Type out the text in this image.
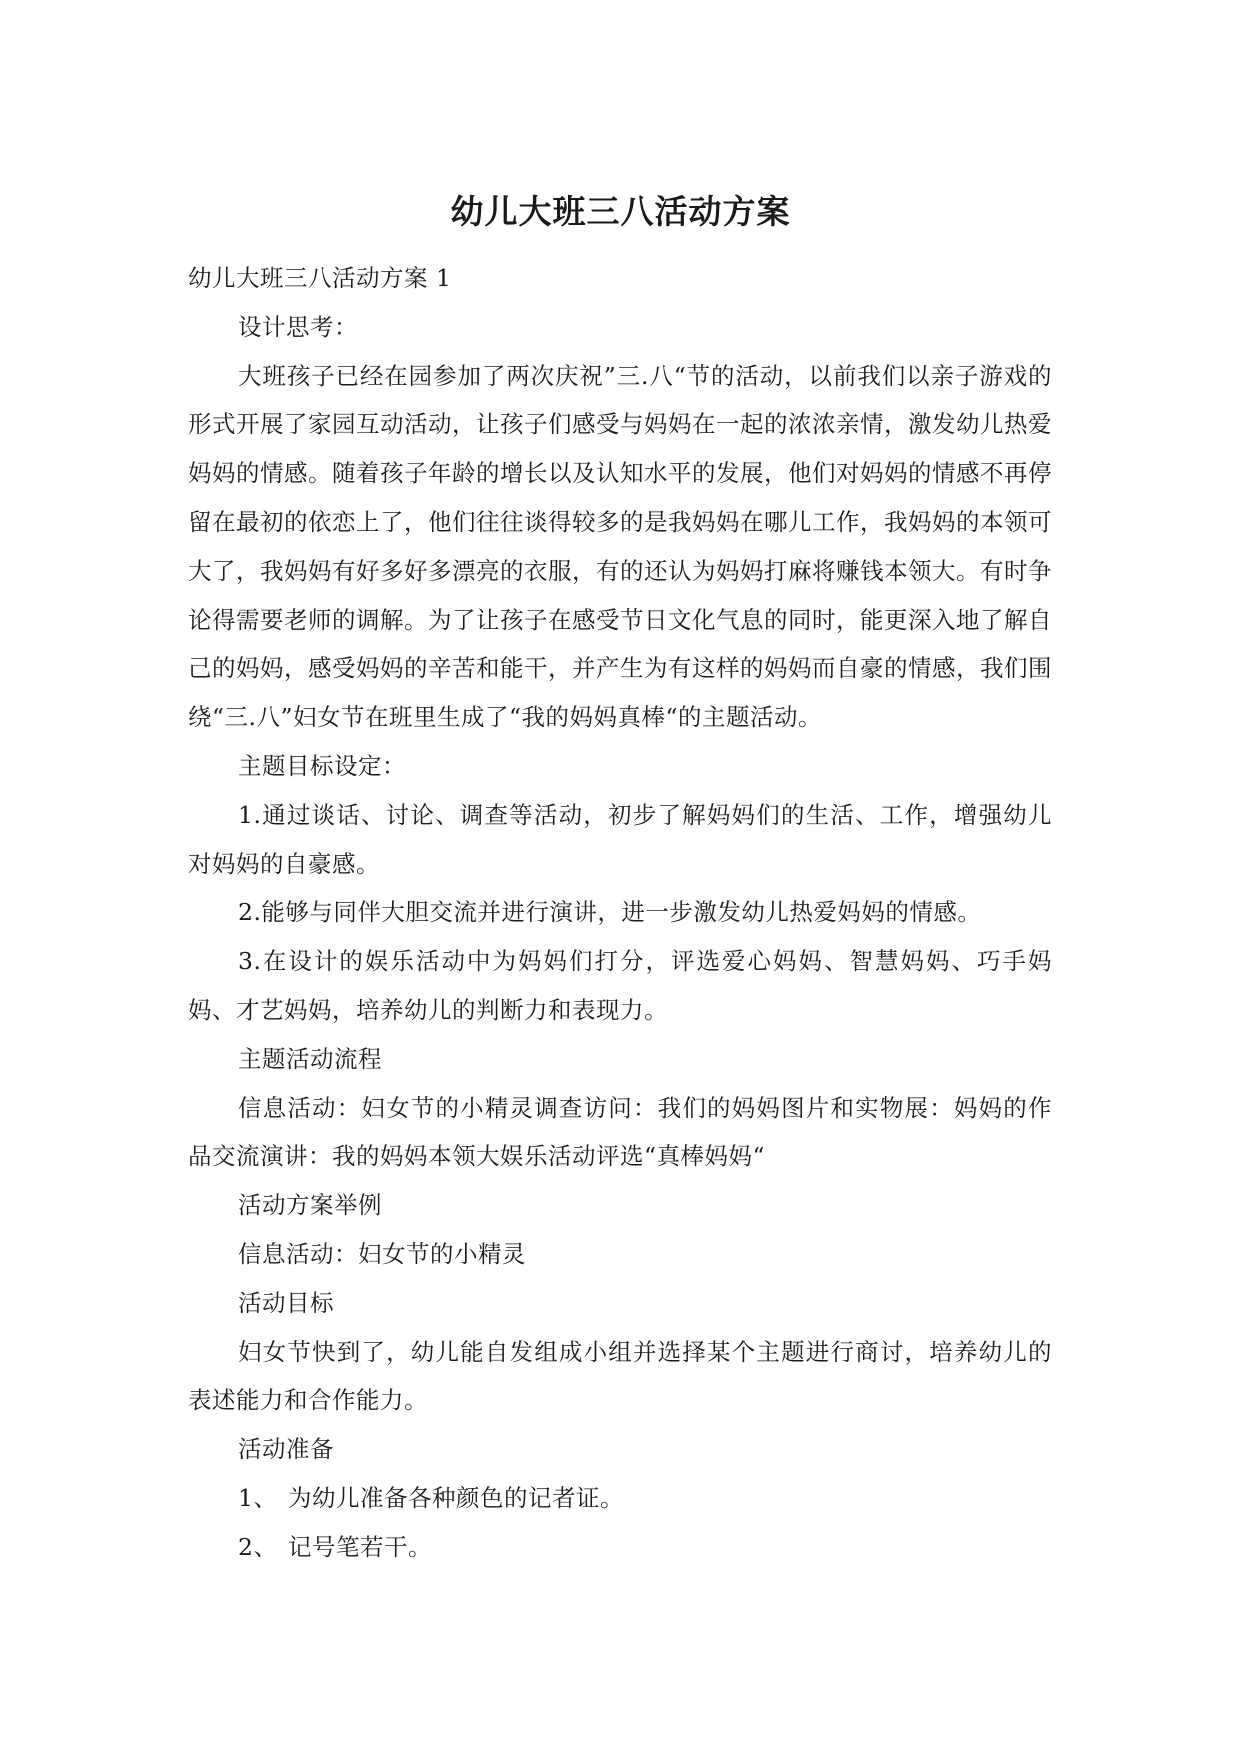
幼儿大班三八活动方案

幼儿大班三八活动方案 1

设计思考：

大班孩子已经在园参加了两次庆祝”三.八“节的活动，以前我们以亲子游戏的形式开展了家园互动活动，让孩子们感受与妈妈在一起的浓浓亲情，激发幼儿热爱妈妈的情感。随着孩子年龄的增长以及认知水平的发展，他们对妈妈的情感不再停留在最初的依恋上了，他们往往谈得较多的是我妈妈在哪儿工作，我妈妈的本领可大了，我妈妈有好多好多漂亮的衣服，有的还认为妈妈打麻将赚钱本领大。有时争论得需要老师的调解。为了让孩子在感受节日文化气息的同时，能更深入地了解自己的妈妈，感受妈妈的辛苦和能干，并产生为有这样的妈妈而自豪的情感，我们围绕“三.八”妇女节在班里生成了“我的妈妈真棒“的主题活动。

主题目标设定：

1.通过谈话、讨论、调查等活动，初步了解妈妈们的生活、工作，增强幼儿对妈妈的自豪感。

2.能够与同伴大胆交流并进行演讲，进一步激发幼儿热爱妈妈的情感。

3.在设计的娱乐活动中为妈妈们打分，评选爱心妈妈、智慧妈妈、巧手妈妈、才艺妈妈，培养幼儿的判断力和表现力。

主题活动流程

信息活动：妇女节的小精灵调查访问：我们的妈妈图片和实物展：妈妈的作品交流演讲：我的妈妈本领大娱乐活动评选“真棒妈妈“

活动方案举例

信息活动：妇女节的小精灵

活动目标

妇女节快到了，幼儿能自发组成小组并选择某个主题进行商讨，培养幼儿的表述能力和合作能力。

活动准备

1、 为幼儿准备各种颜色的记者证。

2、 记号笔若干。
